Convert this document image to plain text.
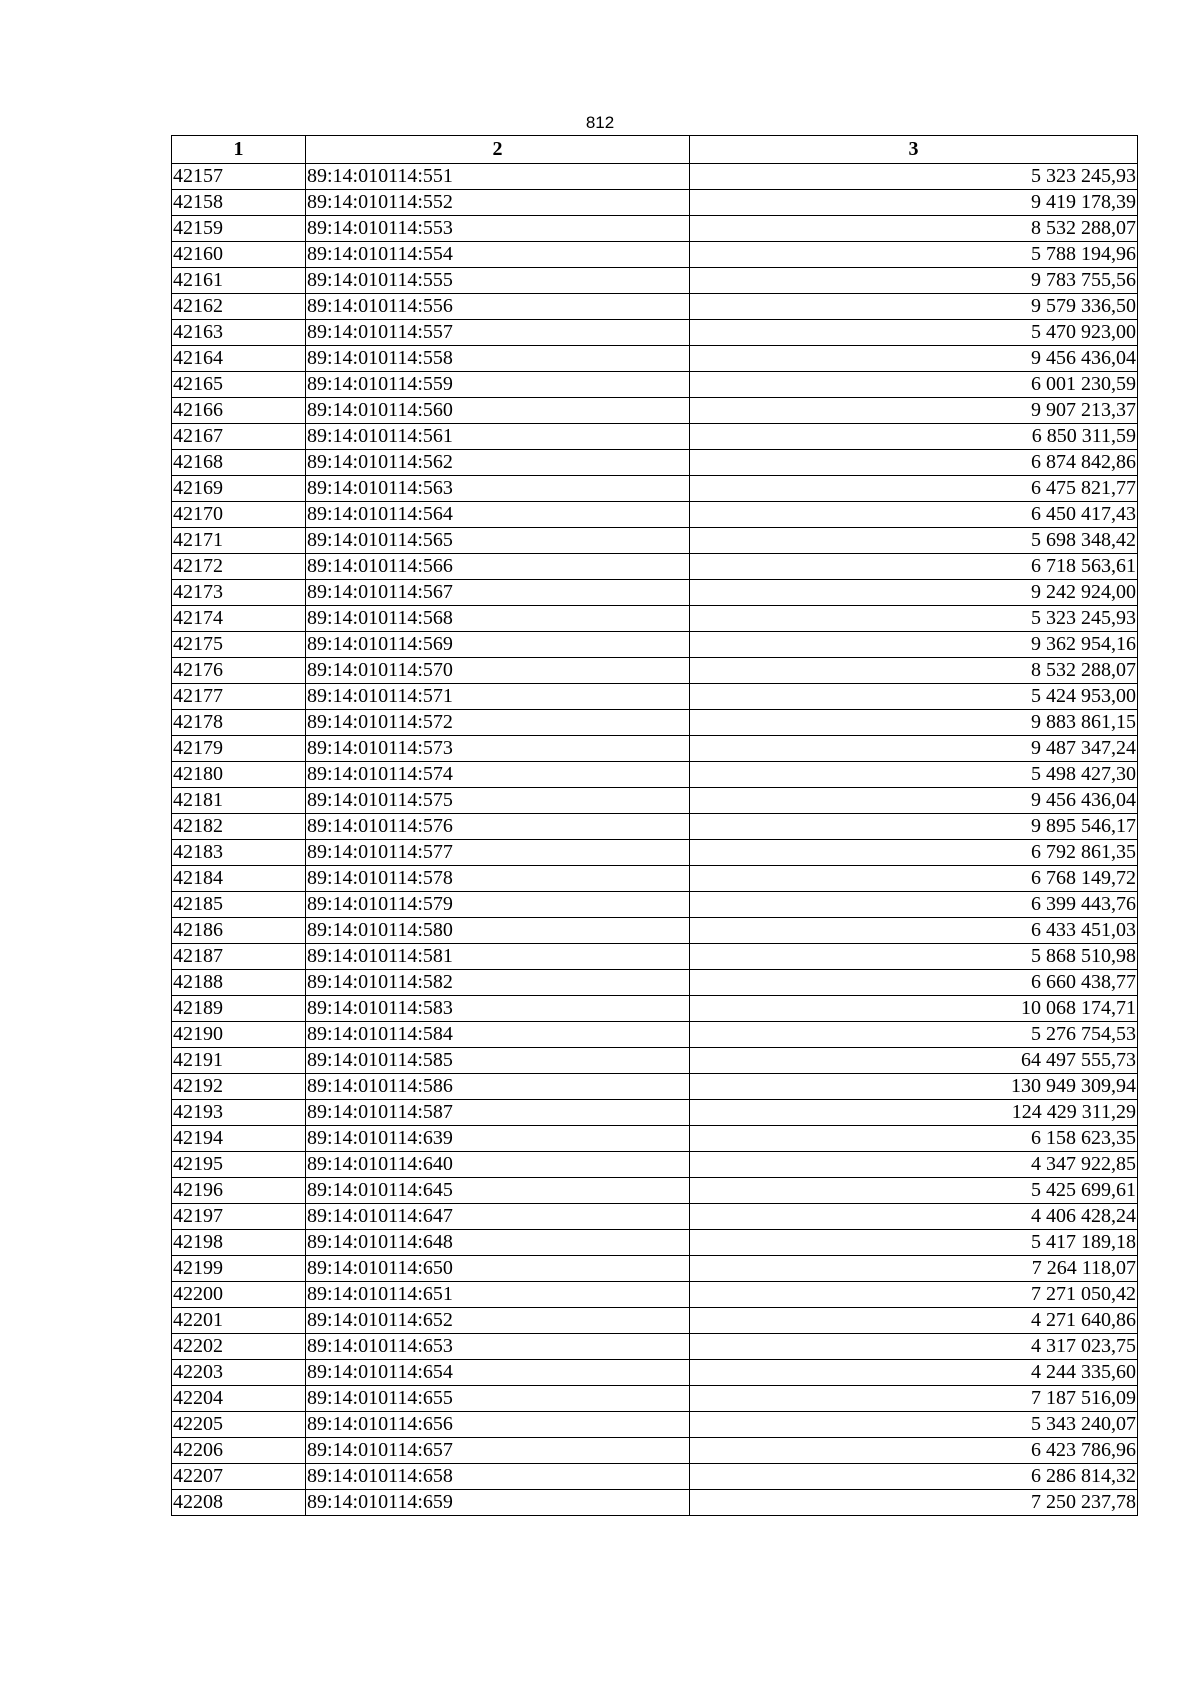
812
1	2	3
42157	89:14:010114:551	5 323 245,93
42158	89:14:010114:552	9 419 178,39
42159	89:14:010114:553	8 532 288,07
42160	89:14:010114:554	5 788 194,96
42161	89:14:010114:555	9 783 755,56
42162	89:14:010114:556	9 579 336,50
42163	89:14:010114:557	5 470 923,00
42164	89:14:010114:558	9 456 436,04
42165	89:14:010114:559	6 001 230,59
42166	89:14:010114:560	9 907 213,37
42167	89:14:010114:561	6 850 311,59
42168	89:14:010114:562	6 874 842,86
42169	89:14:010114:563	6 475 821,77
42170	89:14:010114:564	6 450 417,43
42171	89:14:010114:565	5 698 348,42
42172	89:14:010114:566	6 718 563,61
42173	89:14:010114:567	9 242 924,00
42174	89:14:010114:568	5 323 245,93
42175	89:14:010114:569	9 362 954,16
42176	89:14:010114:570	8 532 288,07
42177	89:14:010114:571	5 424 953,00
42178	89:14:010114:572	9 883 861,15
42179	89:14:010114:573	9 487 347,24
42180	89:14:010114:574	5 498 427,30
42181	89:14:010114:575	9 456 436,04
42182	89:14:010114:576	9 895 546,17
42183	89:14:010114:577	6 792 861,35
42184	89:14:010114:578	6 768 149,72
42185	89:14:010114:579	6 399 443,76
42186	89:14:010114:580	6 433 451,03
42187	89:14:010114:581	5 868 510,98
42188	89:14:010114:582	6 660 438,77
42189	89:14:010114:583	10 068 174,71
42190	89:14:010114:584	5 276 754,53
42191	89:14:010114:585	64 497 555,73
42192	89:14:010114:586	130 949 309,94
42193	89:14:010114:587	124 429 311,29
42194	89:14:010114:639	6 158 623,35
42195	89:14:010114:640	4 347 922,85
42196	89:14:010114:645	5 425 699,61
42197	89:14:010114:647	4 406 428,24
42198	89:14:010114:648	5 417 189,18
42199	89:14:010114:650	7 264 118,07
42200	89:14:010114:651	7 271 050,42
42201	89:14:010114:652	4 271 640,86
42202	89:14:010114:653	4 317 023,75
42203	89:14:010114:654	4 244 335,60
42204	89:14:010114:655	7 187 516,09
42205	89:14:010114:656	5 343 240,07
42206	89:14:010114:657	6 423 786,96
42207	89:14:010114:658	6 286 814,32
42208	89:14:010114:659	7 250 237,78
